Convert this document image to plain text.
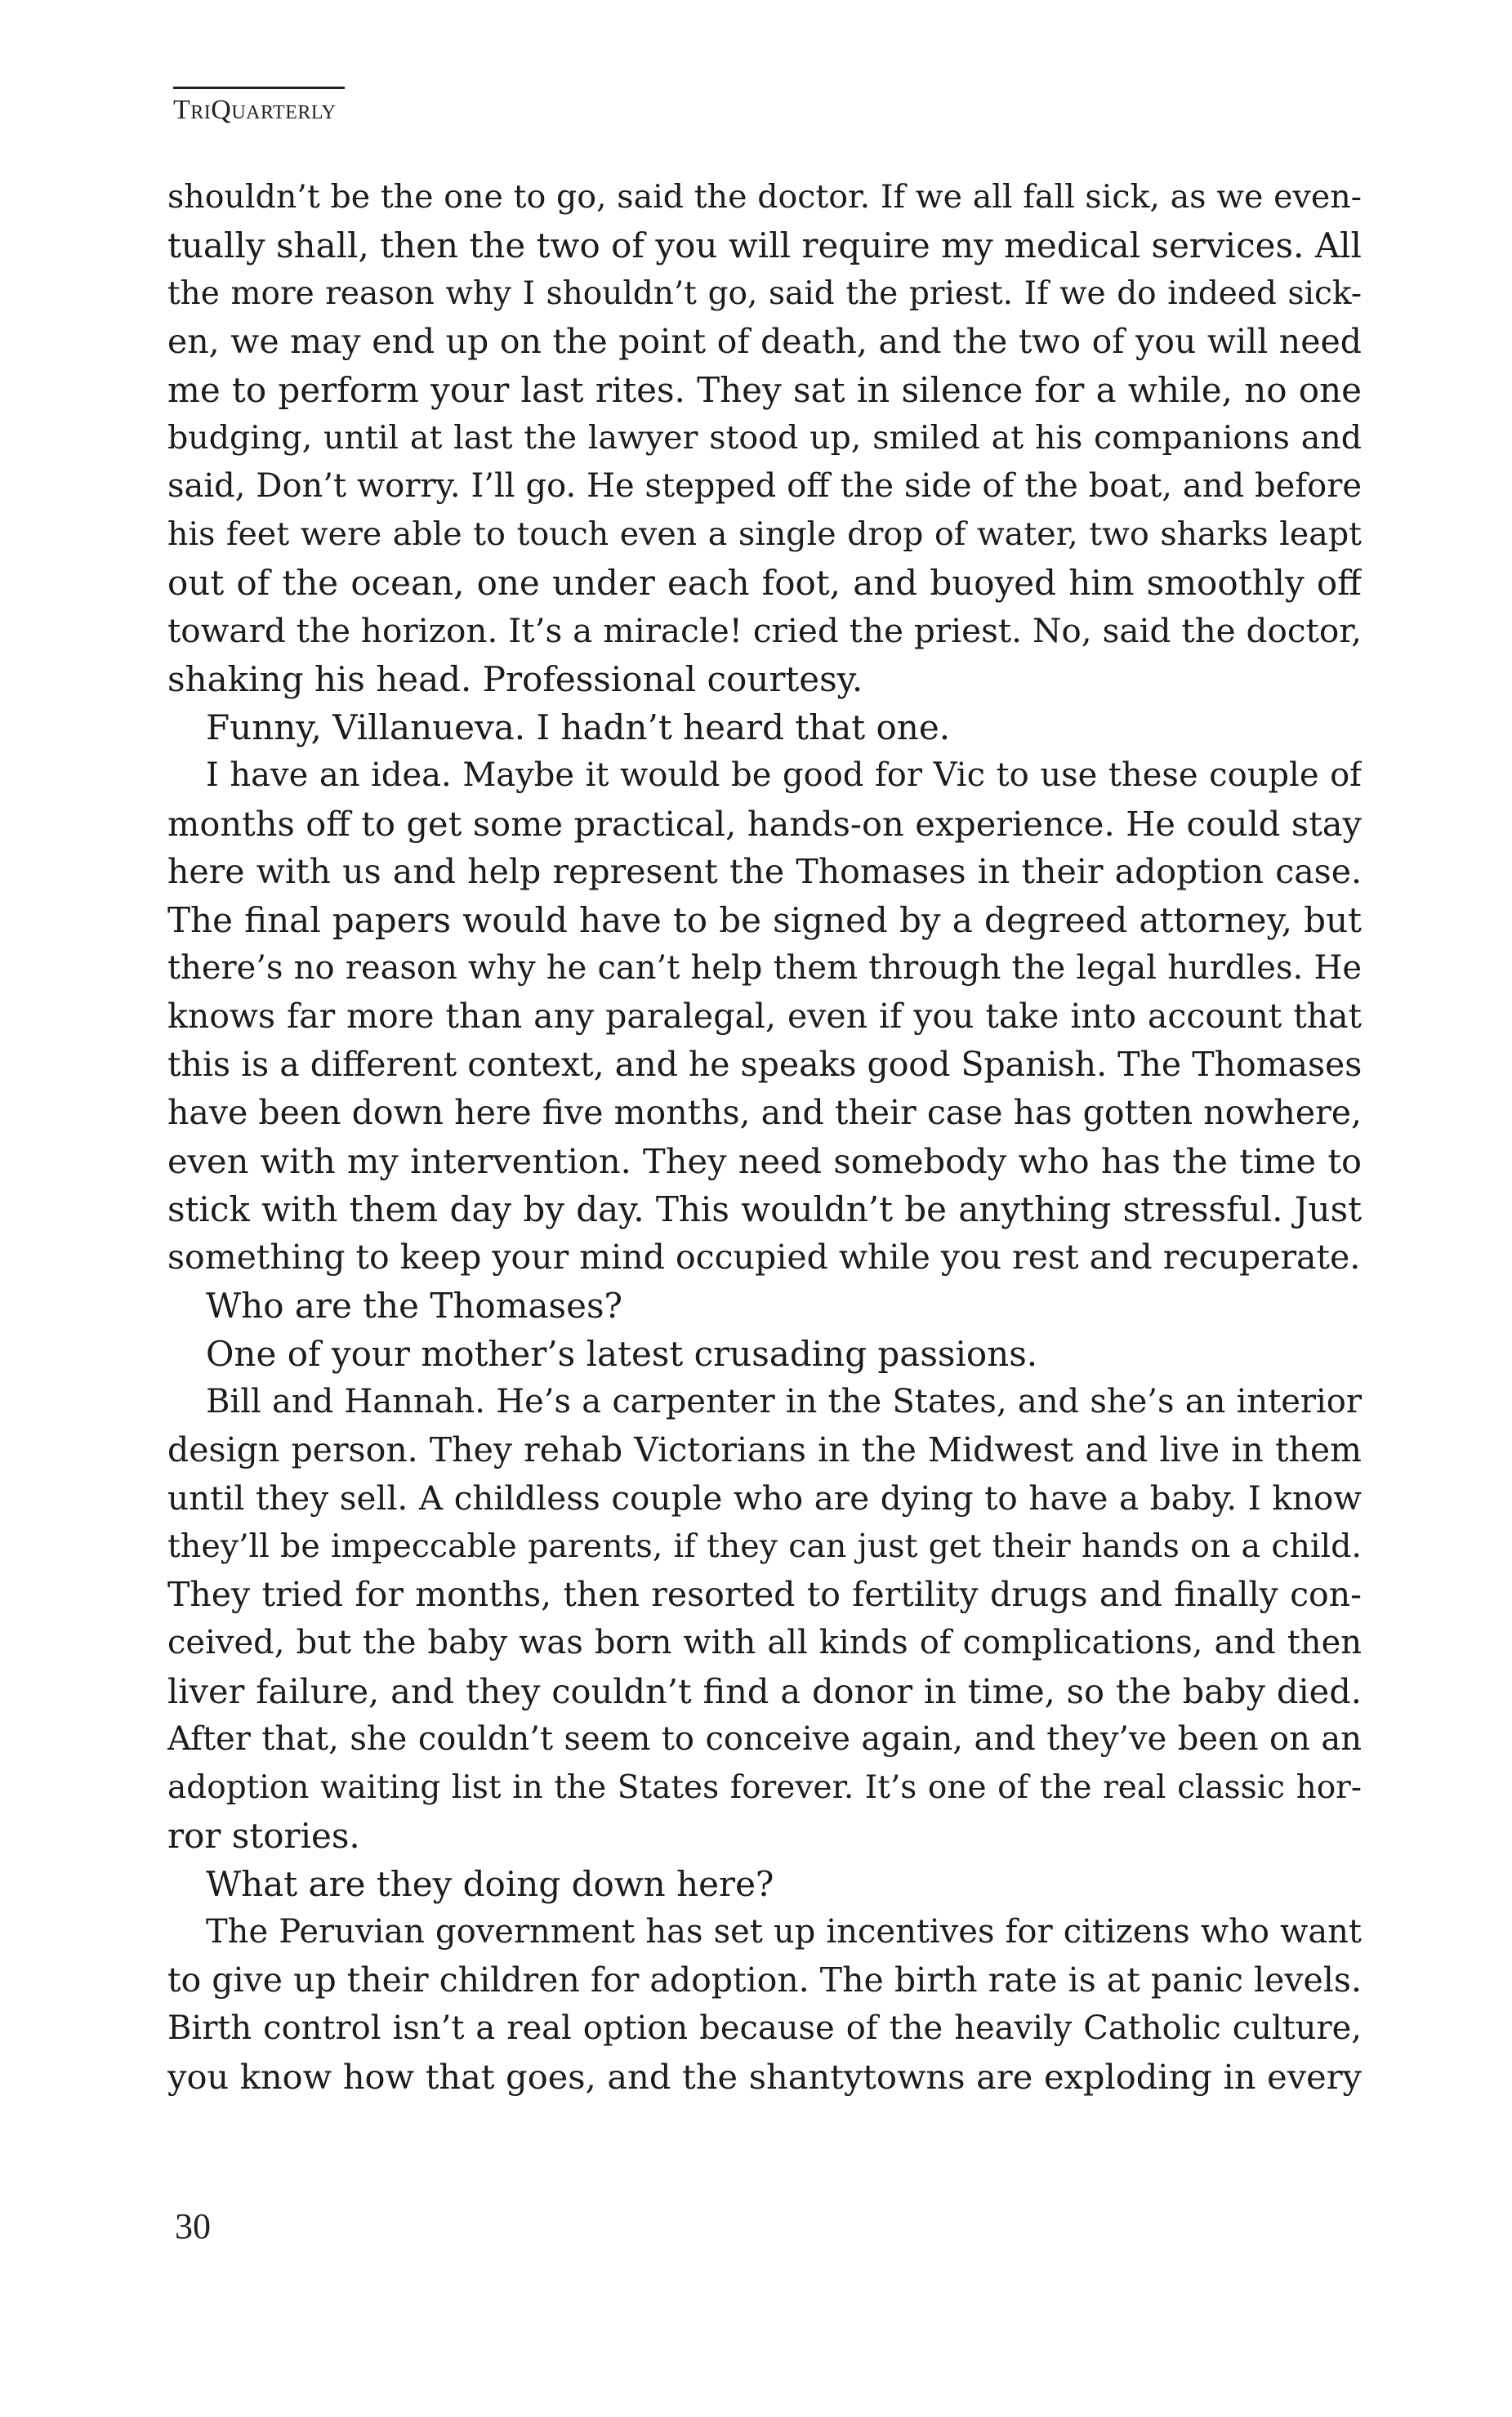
TriQuarterly
shouldn’t be the one to go, said the doctor. If we all fall sick, as we even-
tually shall, then the two of you will require my medical services. All
the more reason why I shouldn’t go, said the priest. If we do indeed sick-
en, we may end up on the point of death, and the two of you will need
me to perform your last rites. They sat in silence for a while, no one
budging, until at last the lawyer stood up, smiled at his companions and
said, Don’t worry. I’ll go. He stepped off the side of the boat, and before
his feet were able to touch even a single drop of water, two sharks leapt
out of the ocean, one under each foot, and buoyed him smoothly off
toward the horizon. It’s a miracle! cried the priest. No, said the doctor,
shaking his head. Professional courtesy.
Funny, Villanueva. I hadn’t heard that one.
I have an idea. Maybe it would be good for Vic to use these couple of
months off to get some practical, hands-on experience. He could stay
here with us and help represent the Thomases in their adoption case.
The final papers would have to be signed by a degreed attorney, but
there’s no reason why he can’t help them through the legal hurdles. He
knows far more than any paralegal, even if you take into account that
this is a different context, and he speaks good Spanish. The Thomases
have been down here five months, and their case has gotten nowhere,
even with my intervention. They need somebody who has the time to
stick with them day by day. This wouldn’t be anything stressful. Just
something to keep your mind occupied while you rest and recuperate.
Who are the Thomases?
One of your mother’s latest crusading passions.
Bill and Hannah. He’s a carpenter in the States, and she’s an interior
design person. They rehab Victorians in the Midwest and live in them
until they sell. A childless couple who are dying to have a baby. I know
they’ll be impeccable parents, if they can just get their hands on a child.
They tried for months, then resorted to fertility drugs and finally con-
ceived, but the baby was born with all kinds of complications, and then
liver failure, and they couldn’t find a donor in time, so the baby died.
After that, she couldn’t seem to conceive again, and they’ve been on an
adoption waiting list in the States forever. It’s one of the real classic hor-
ror stories.
What are they doing down here?
The Peruvian government has set up incentives for citizens who want
to give up their children for adoption. The birth rate is at panic levels.
Birth control isn’t a real option because of the heavily Catholic culture,
you know how that goes, and the shantytowns are exploding in every
30
